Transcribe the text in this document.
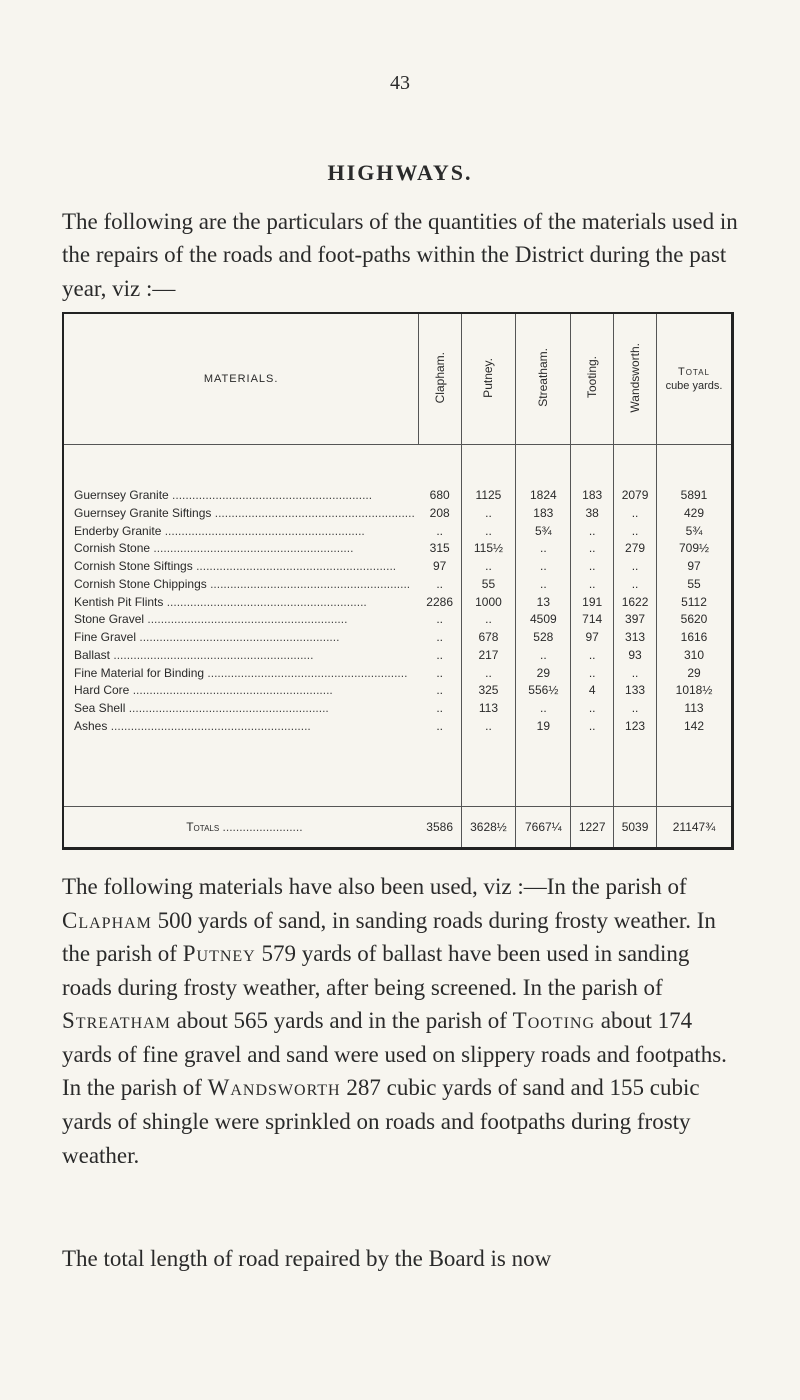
43
HIGHWAYS.
The following are the particulars of the quantities of the materials used in the repairs of the roads and foot-paths within the District during the past year, viz :—
MATERIALS.	Clapham.	Putney.	Streatham.	Tooting.	Wandsworth.	Total
cube yards.

Guernsey Granite ............................................................	680	1125	1824	183	2079	5891
Guernsey Granite Siftings ............................................................	208	..	183	38	..	429
Enderby Granite ............................................................	..	..	5¾	..	..	5¾
Cornish Stone ............................................................	315	115½	..	..	279	709½
Cornish Stone Siftings ............................................................	97	..	..	..	..	97
Cornish Stone Chippings ............................................................	..	55	..	..	..	55
Kentish Pit Flints ............................................................	2286	1000	13	191	1622	5112
Stone Gravel ............................................................	..	..	4509	714	397	5620
Fine Gravel ............................................................	..	678	528	97	313	1616
Ballast ............................................................	..	217	..	..	93	310
Fine Material for Binding ............................................................	..	..	29	..	..	29
Hard Core ............................................................	..	325	556½	4	133	1018½
Sea Shell ............................................................	..	113	..	..	..	113
Ashes ............................................................	..	..	19	..	123	142

Totals ........................	3586	3628½	7667¼	1227	5039	21147¾
The following materials have also been used, viz :—In the parish of Clapham 500 yards of sand, in sanding roads during frosty weather. In the parish of Putney 579 yards of ballast have been used in sanding roads during frosty weather, after being screened. In the parish of Streatham about 565 yards and in the parish of Tooting about 174 yards of fine gravel and sand were used on slippery roads and footpaths. In the parish of Wandsworth 287 cubic yards of sand and 155 cubic yards of shingle were sprinkled on roads and footpaths during frosty weather.
The total length of road repaired by the Board is now
